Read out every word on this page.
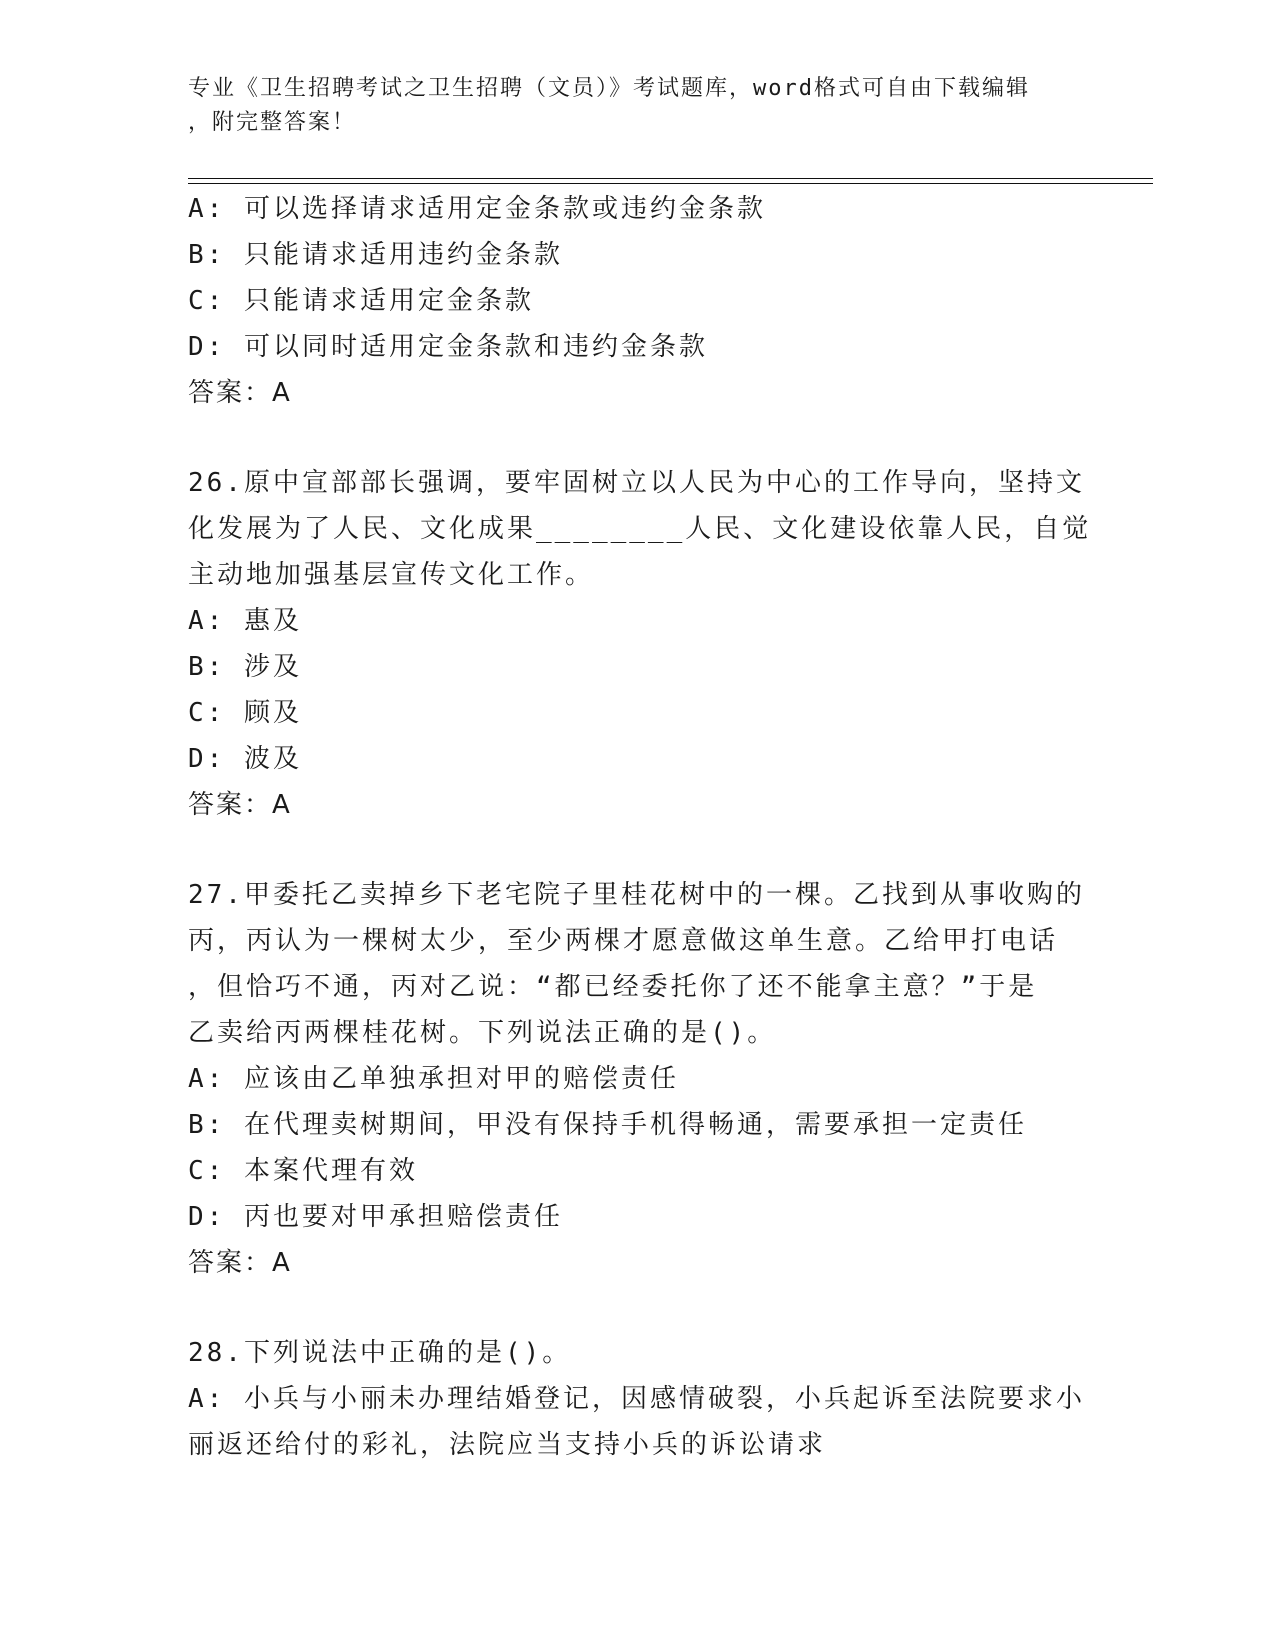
专业《卫生招聘考试之卫生招聘（文员）》考试题库，word格式可自由下载编辑
，附完整答案！
A: 可以选择请求适用定金条款或违约金条款
B: 只能请求适用违约金条款
C: 只能请求适用定金条款
D: 可以同时适用定金条款和违约金条款
答案：A
26.原中宣部部长强调，要牢固树立以人民为中心的工作导向，坚持文
化发展为了人民、文化成果________人民、文化建设依靠人民，自觉
主动地加强基层宣传文化工作。
A: 惠及
B: 涉及
C: 顾及
D: 波及
答案：A
27.甲委托乙卖掉乡下老宅院子里桂花树中的一棵。乙找到从事收购的
丙，丙认为一棵树太少，至少两棵才愿意做这单生意。乙给甲打电话
，但恰巧不通，丙对乙说：“都已经委托你了还不能拿主意？”于是
乙卖给丙两棵桂花树。下列说法正确的是()。
A: 应该由乙单独承担对甲的赔偿责任
B: 在代理卖树期间，甲没有保持手机得畅通，需要承担一定责任
C: 本案代理有效
D: 丙也要对甲承担赔偿责任
答案：A
28.下列说法中正确的是()。
A: 小兵与小丽未办理结婚登记，因感情破裂，小兵起诉至法院要求小
丽返还给付的彩礼，法院应当支持小兵的诉讼请求
